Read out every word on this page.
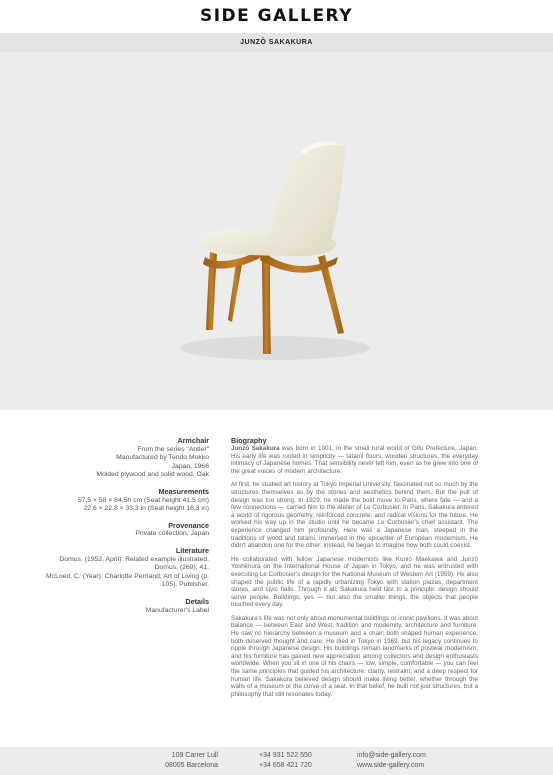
SIDE GALLERY
JUNZŌ SAKAKURA
Armchair
From the series "Antler"
Manufactured by Tendo Mokko
Japan, 1966
Molded plywood and solid wood, Oak
Measurements
57,5 × 58 × 84,5h cm (Seat height 41,5 cm)
22,6 × 22,8 × 33,3 in (Seat height 16,3 in)
Provenance
Private collection, Japan
Literature
Domus. (1952, April). Related example illustrated.
Domus, (269), 41.
McLoed, C. (Year). Charlotte Perriand: Art of Living (p.
105). Publisher.
Details
Manufacturer's Label
Biography

Junzō Sakakura was born in 1901, in the small rural world of Gifu Prefecture, Japan. His early life was rooted in simplicity — tatami floors, wooden structures, the everyday intimacy of Japanese homes. That sensibility never left him, even as he grew into one of the great voices of modern architecture.

At first, he studied art history at Tokyo Imperial University, fascinated not so much by the structures themselves as by the stories and aesthetics behind them. But the pull of design was too strong. In 1929, he made the bold move to Paris, where fate — and a few connections — carried him to the atelier of Le Corbusier. In Paris, Sakakura entered a world of rigorous geometry, reinforced concrete, and radical visions for the future. He worked his way up in the studio until he became Le Corbusier's chief assistant. The experience changed him profoundly. Here was a Japanese man, steeped in the traditions of wood and tatami, immersed in the epicenter of European modernism. He didn't abandon one for the other; instead, he began to imagine how both could coexist.

He collaborated with fellow Japanese modernists like Kunio Maekawa and Junzō Yoshimura on the International House of Japan in Tokyo, and he was entrusted with executing Le Corbusier's design for the National Museum of Western Art (1959). He also shaped the public life of a rapidly urbanizing Tokyo with station plazas, department stores, and civic halls. Through it all, Sakakura held fast to a principle: design should serve people. Buildings, yes — but also the smaller things, the objects that people touched every day.

Sakakura's life was not only about monumental buildings or iconic pavilions. It was about balance — between East and West, tradition and modernity, architecture and furniture. He saw no hierarchy between a museum and a chair; both shaped human experience, both deserved thought and care. He died in Tokyo in 1969, but his legacy continues to ripple through Japanese design. His buildings remain landmarks of postwar modernism, and his furniture has gained new appreciation among collectors and design enthusiasts worldwide. When you sit in one of his chairs — low, simple, comfortable — you can feel the same principles that guided his architecture: clarity, restraint, and a deep respect for human life. Sakakura believed design should make living better, whether through the walls of a museum or the curve of a seat. In that belief, he built not just structures, but a philosophy that still resonates today.

109 Carrer Lull
08005 Barcelona
+34 931 522 550
+34 658 421 720
info@side-gallery.com
www.side-gallery.com
